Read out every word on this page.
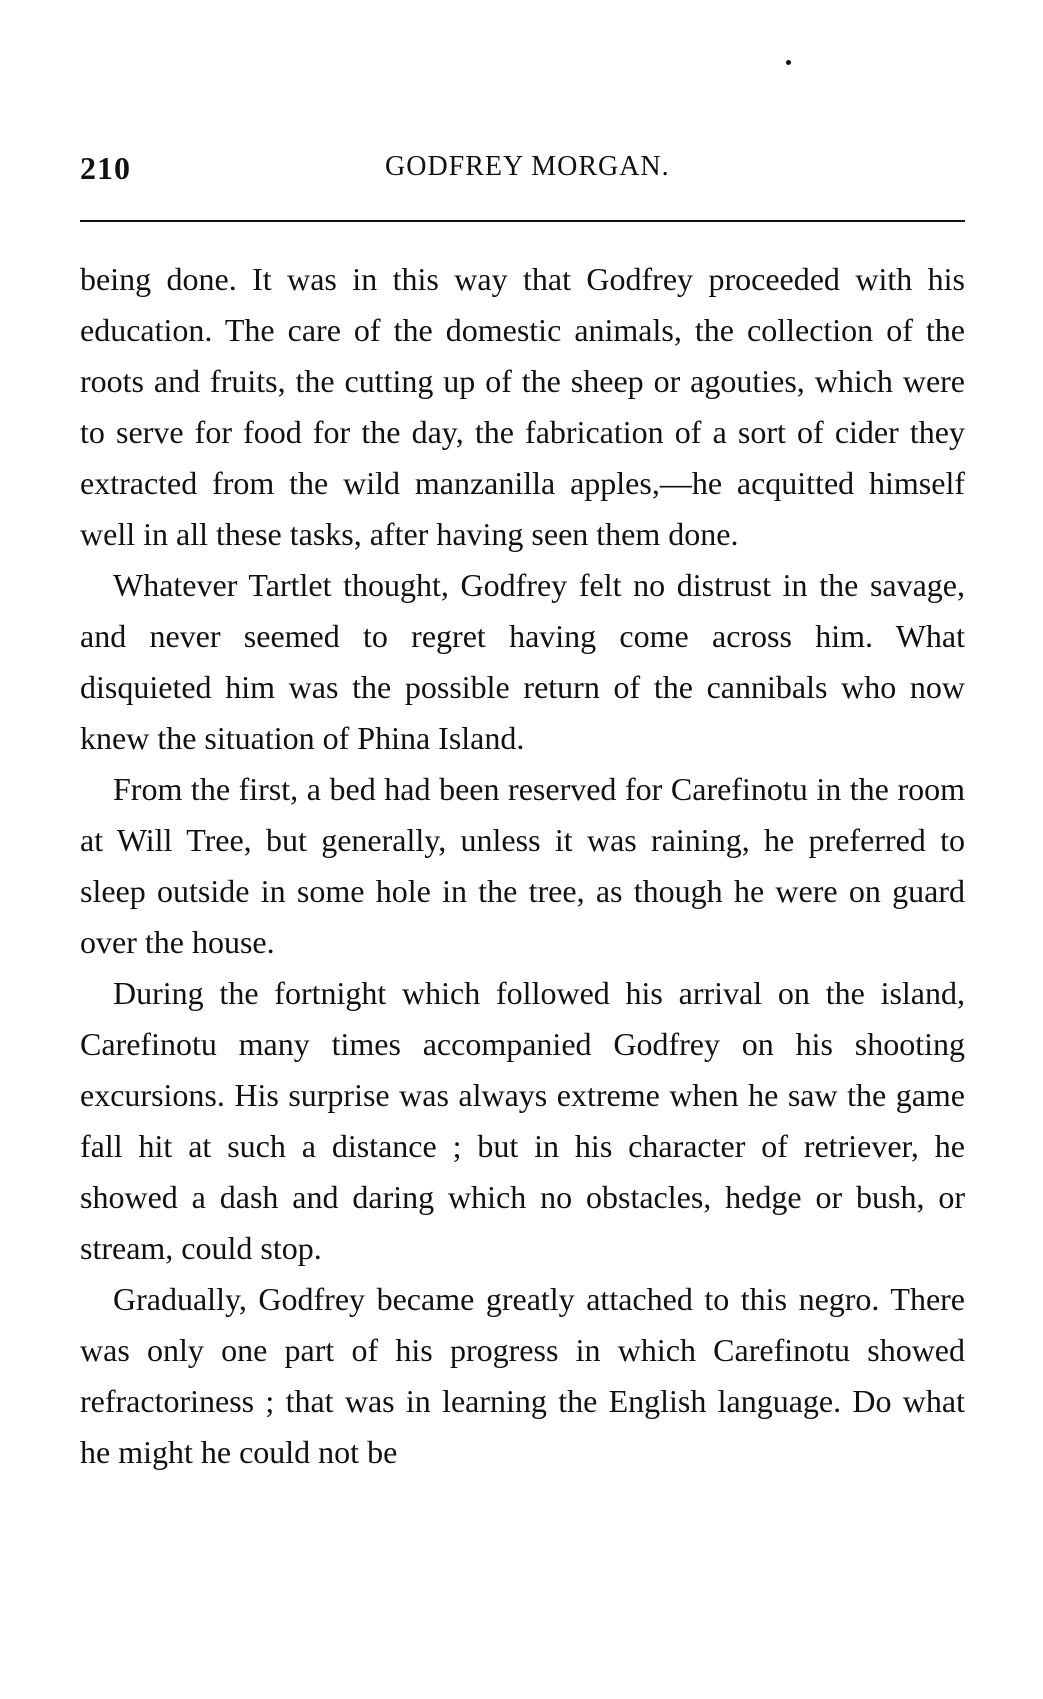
210	GODFREY MORGAN.

being done. It was in this way that Godfrey proceeded with his education. The care of the domestic animals, the collection of the roots and fruits, the cutting up of the sheep or agouties, which were to serve for food for the day, the fabrication of a sort of cider they extracted from the wild manzanilla apples,—he acquitted himself well in all these tasks, after having seen them done.

Whatever Tartlet thought, Godfrey felt no distrust in the savage, and never seemed to regret having come across him. What disquieted him was the possible return of the cannibals who now knew the situation of Phina Island.

From the first, a bed had been reserved for Carefinotu in the room at Will Tree, but generally, unless it was raining, he preferred to sleep outside in some hole in the tree, as though he were on guard over the house.

During the fortnight which followed his arrival on the island, Carefinotu many times accompanied Godfrey on his shooting excursions. His surprise was always extreme when he saw the game fall hit at such a distance ; but in his character of retriever, he showed a dash and daring which no obstacles, hedge or bush, or stream, could stop.

Gradually, Godfrey became greatly attached to this negro. There was only one part of his progress in which Carefinotu showed refractoriness ; that was in learning the English language. Do what he might he could not be
